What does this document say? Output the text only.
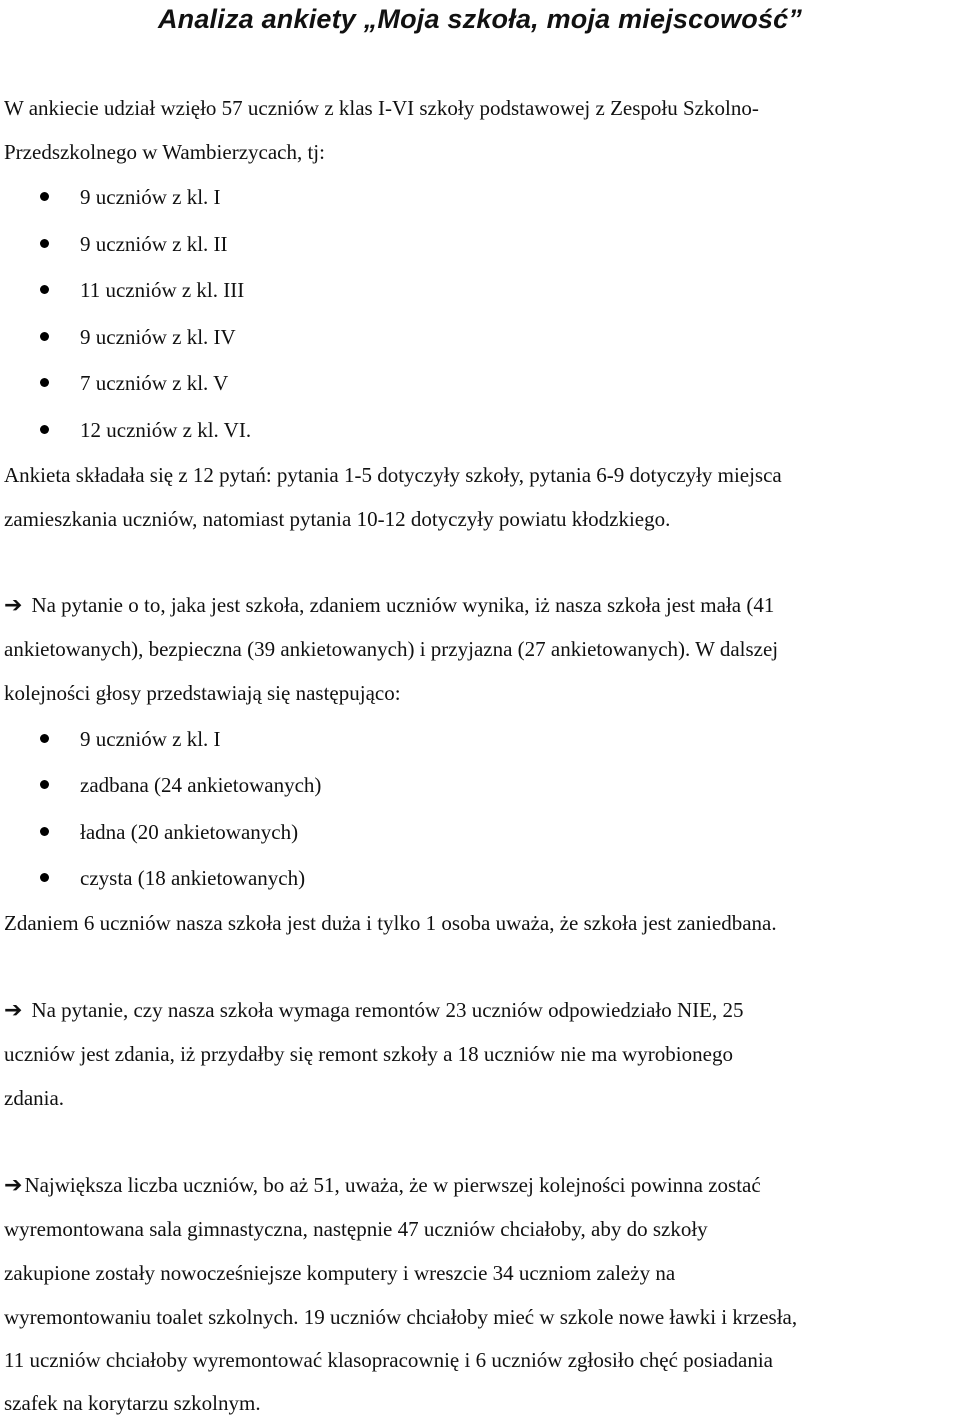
Analiza ankiety „Moja szkoła, moja miejscowość”

W ankiecie udział wzięło 57 uczniów z klas I-VI szkoły podstawowej z Zespołu Szkolno-

Przedszkolnego w Wambierzycach, tj:

9 uczniów z kl. I
9 uczniów z kl. II
11 uczniów z kl. III
9 uczniów z kl. IV
7 uczniów z kl. V
12 uczniów z kl. VI.

Ankieta składała się z 12 pytań: pytania 1-5 dotyczyły szkoły, pytania 6-9 dotyczyły miejsca

zamieszkania uczniów, natomiast pytania 10-12 dotyczyły powiatu kłodzkiego.

➔ Na pytanie o to, jaka jest szkoła, zdaniem uczniów wynika, iż nasza szkoła jest mała (41

ankietowanych), bezpieczna (39 ankietowanych) i przyjazna (27 ankietowanych). W dalszej

kolejności głosy przedstawiają się następująco:

9 uczniów z kl. I
zadbana (24 ankietowanych)
ładna (20 ankietowanych)
czysta (18 ankietowanych)

Zdaniem 6 uczniów nasza szkoła jest duża i tylko 1 osoba uważa, że szkoła jest zaniedbana.

➔ Na pytanie, czy nasza szkoła wymaga remontów 23 uczniów odpowiedziało NIE, 25

uczniów jest zdania, iż przydałby się remont szkoły a 18 uczniów nie ma wyrobionego

zdania.

➔Największa liczba uczniów, bo aż 51, uważa, że w pierwszej kolejności powinna zostać

wyremontowana sala gimnastyczna, następnie 47 uczniów chciałoby, aby do szkoły

zakupione zostały nowocześniejsze komputery i wreszcie 34 uczniom zależy na

wyremontowaniu toalet szkolnych. 19 uczniów chciałoby mieć w szkole nowe ławki i krzesła,

11 uczniów chciałoby wyremontować klasopracownię i 6 uczniów zgłosiło chęć posiadania

szafek na korytarzu szkolnym.
